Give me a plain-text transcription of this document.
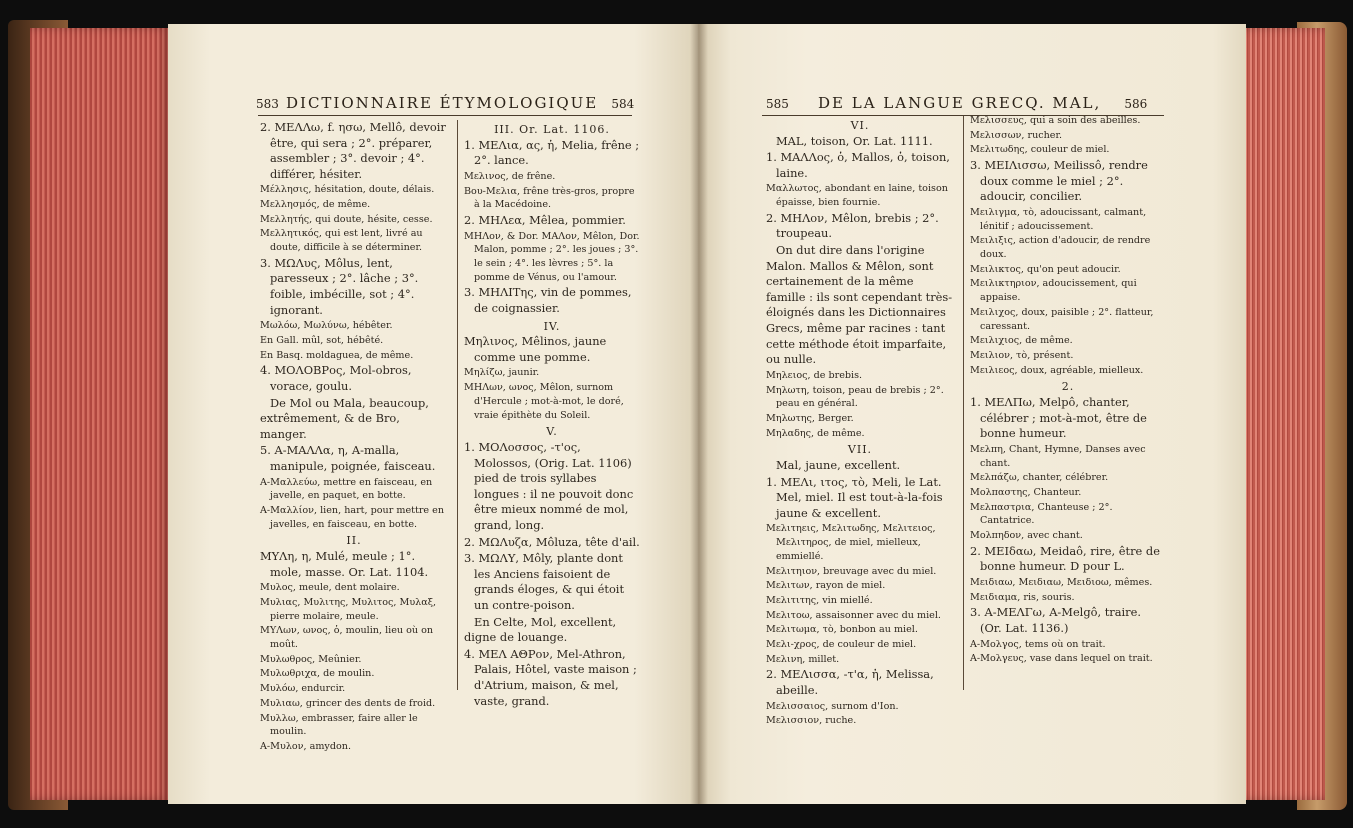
583 DICTIONNAIRE ÉTYMOLOGIQUE 584
2. ΜΕΛΛω, f. ησω, Mellô, devoir être, qui sera ; 2°. préparer, assembler ; 3°. devoir ; 4°. différer, hésiter.
Μέλλησις, hésitation, doute, délais.
Μελλησμός, de même.
Μελλητής, qui doute, hésite, cesse.
Μελλητικός, qui est lent, livré au doute, difficile à se déterminer.
3. ΜΩΛυς, Môlus, lent, paresseux ; 2°. lâche ; 3°. foible, imbécille, sot ; 4°. ignorant.
Μωλόω, Μωλύνω, hébêter.
En Gall. mûl, sot, hébêté.
En Basq. moldaguea, de même.
4. ΜΟΛΟΒΡος, Mol-obros, vorace, goulu.
De Mol ou Mala, beaucoup, extrêmement, & de Bro, manger.
5. Α-ΜΑΛΛα, η, A-malla, manipule, poignée, faisceau.
Α-Μαλλεύω, mettre en faisceau, en javelle, en paquet, en botte.
Α-Μαλλίον, lien, hart, pour mettre en javelles, en faisceau, en botte.
II.
ΜΥΛη, η, Mulé, meule ; 1°. mole, masse. Or. Lat. 1104.
Μυλος, meule, dent molaire.
Μυλιας, Μυλιτης, Μυλιτος, Μυλαξ, pierre molaire, meule.
ΜΥΛων, ωνος, ὁ, moulin, lieu où on moût.
Μυλωθρος, Meûnier.
Μυλωθριχα, de moulin.
Μυλόω, endurcir.
Μυλιαω, grincer des dents de froid.
Μυλλω, embrasser, faire aller le moulin.
Α-Μυλον, amydon.
III. Or. Lat. 1106.
1. ΜΕΛια, ας, ἡ, Melia, frêne ; 2°. lance.
Μελινος, de frêne.
Βου-Μελια, frêne très-gros, propre à la Macédoine.
2. ΜΗΛεα, Mêlea, pommier.
ΜΗΛον, & Dor. ΜΑΛον, Mêlon, Dor. Malon, pomme ; 2°. les joues ; 3°. le sein ; 4°. les lèvres ; 5°. la pomme de Vénus, ou l'amour.
3. ΜΗΛΙΤης, vin de pommes, de coignassier.
IV.
Μηλινος, Mêlinos, jaune comme une pomme.
Μηλίζω, jaunir.
ΜΗΛων, ωνος, Mêlon, surnom d'Hercule ; mot-à-mot, le doré, vraie épithète du Soleil.
V.
1. ΜΟΛοσσος, -τ'ος, Molossos, (Orig. Lat. 1106) pied de trois syllabes longues : il ne pouvoit donc être mieux nommé de mol, grand, long.
2. ΜΩΛυζα, Môluza, tête d'ail.
3. ΜΩΛΥ, Môly, plante dont les Anciens faisoient de grands éloges, & qui étoit un contre-poison.
En Celte, Mol, excellent, digne de louange.
4. ΜΕΛ ΑΘΡον, Mel-Athron, Palais, Hôtel, vaste maison ; d'Atrium, maison, & mel, vaste, grand.
585 DE LA LANGUE GRECQ. MAL, 586
VI.
MAL, toison, Or. Lat. 1111.
1. ΜΑΛΛος, ὁ, Mallos, ὁ, toison, laine.
Μαλλωτος, abondant en laine, toison épaisse, bien fournie.
2. ΜΗΛον, Mêlon, brebis ; 2°. troupeau.
On dut dire dans l'origine Malon. Mallos & Mêlon, sont certainement de la même famille : ils sont cependant très-éloignés dans les Dictionnaires Grecs, même par racines : tant cette méthode étoit imparfaite, ou nulle.
Μηλειος, de brebis.
Μηλωτη, toison, peau de brebis ; 2°. peau en général.
Μηλωτης, Berger.
Μηλαδης, de même.
VII.
Mal, jaune, excellent.
1. ΜΕΛι, ιτος, τὸ, Meli, le Lat. Mel, miel. Il est tout-à-la-fois jaune & excellent.
Μελιτηεις, Μελιτωδης, Μελιτειος, Μελιτηρος, de miel, mielleux, emmiellé.
Μελιτηιον, breuvage avec du miel.
Μελιτων, rayon de miel.
Μελιτιτης, vin miellé.
Μελιτοω, assaisonner avec du miel.
Μελιτωμα, τὸ, bonbon au miel.
Μελι-χρος, de couleur de miel.
Μελινη, millet.
2. ΜΕΛισσα, -τ'α, ἡ, Melissa, abeille.
Μελισσαιος, surnom d'Ion.
Μελισσιον, ruche.
Μελισσευς, qui a soin des abeilles.
Μελισσων, rucher.
Μελιτωδης, couleur de miel.
3. ΜΕΙΛισσω, Meilissô, rendre doux comme le miel ; 2°. adoucir, concilier.
Μειλιγμα, τὸ, adoucissant, calmant, lénitif ; adoucissement.
Μειλιξις, action d'adoucir, de rendre doux.
Μειλικτος, qu'on peut adoucir.
Μειλικτηριον, adoucissement, qui appaise.
Μειλιχος, doux, paisible ; 2°. flatteur, caressant.
Μειλιχιος, de même.
Μειλιον, τὸ, présent.
Μειλιεος, doux, agréable, mielleux.
2.
1. ΜΕΛΠω, Melpô, chanter, célébrer ; mot-à-mot, être de bonne humeur.
Μελπη, Chant, Hymne, Danses avec chant.
Μελπάζω, chanter, célébrer.
Μολπαστης, Chanteur.
Μελπαστρια, Chanteuse ; 2°. Cantatrice.
Μολπηδον, avec chant.
2. ΜΕΙδαω, Meidaô, rire, être de bonne humeur. D pour L.
Μειδιαω, Μειδιαω, Μειδιοω, mêmes.
Μειδιαμα, ris, souris.
3. Α-ΜΕΛΓω, A-Melgô, traire. (Or. Lat. 1136.)
Α-Μολγος, tems où on trait.
Α-Μολγευς, vase dans lequel on trait.
